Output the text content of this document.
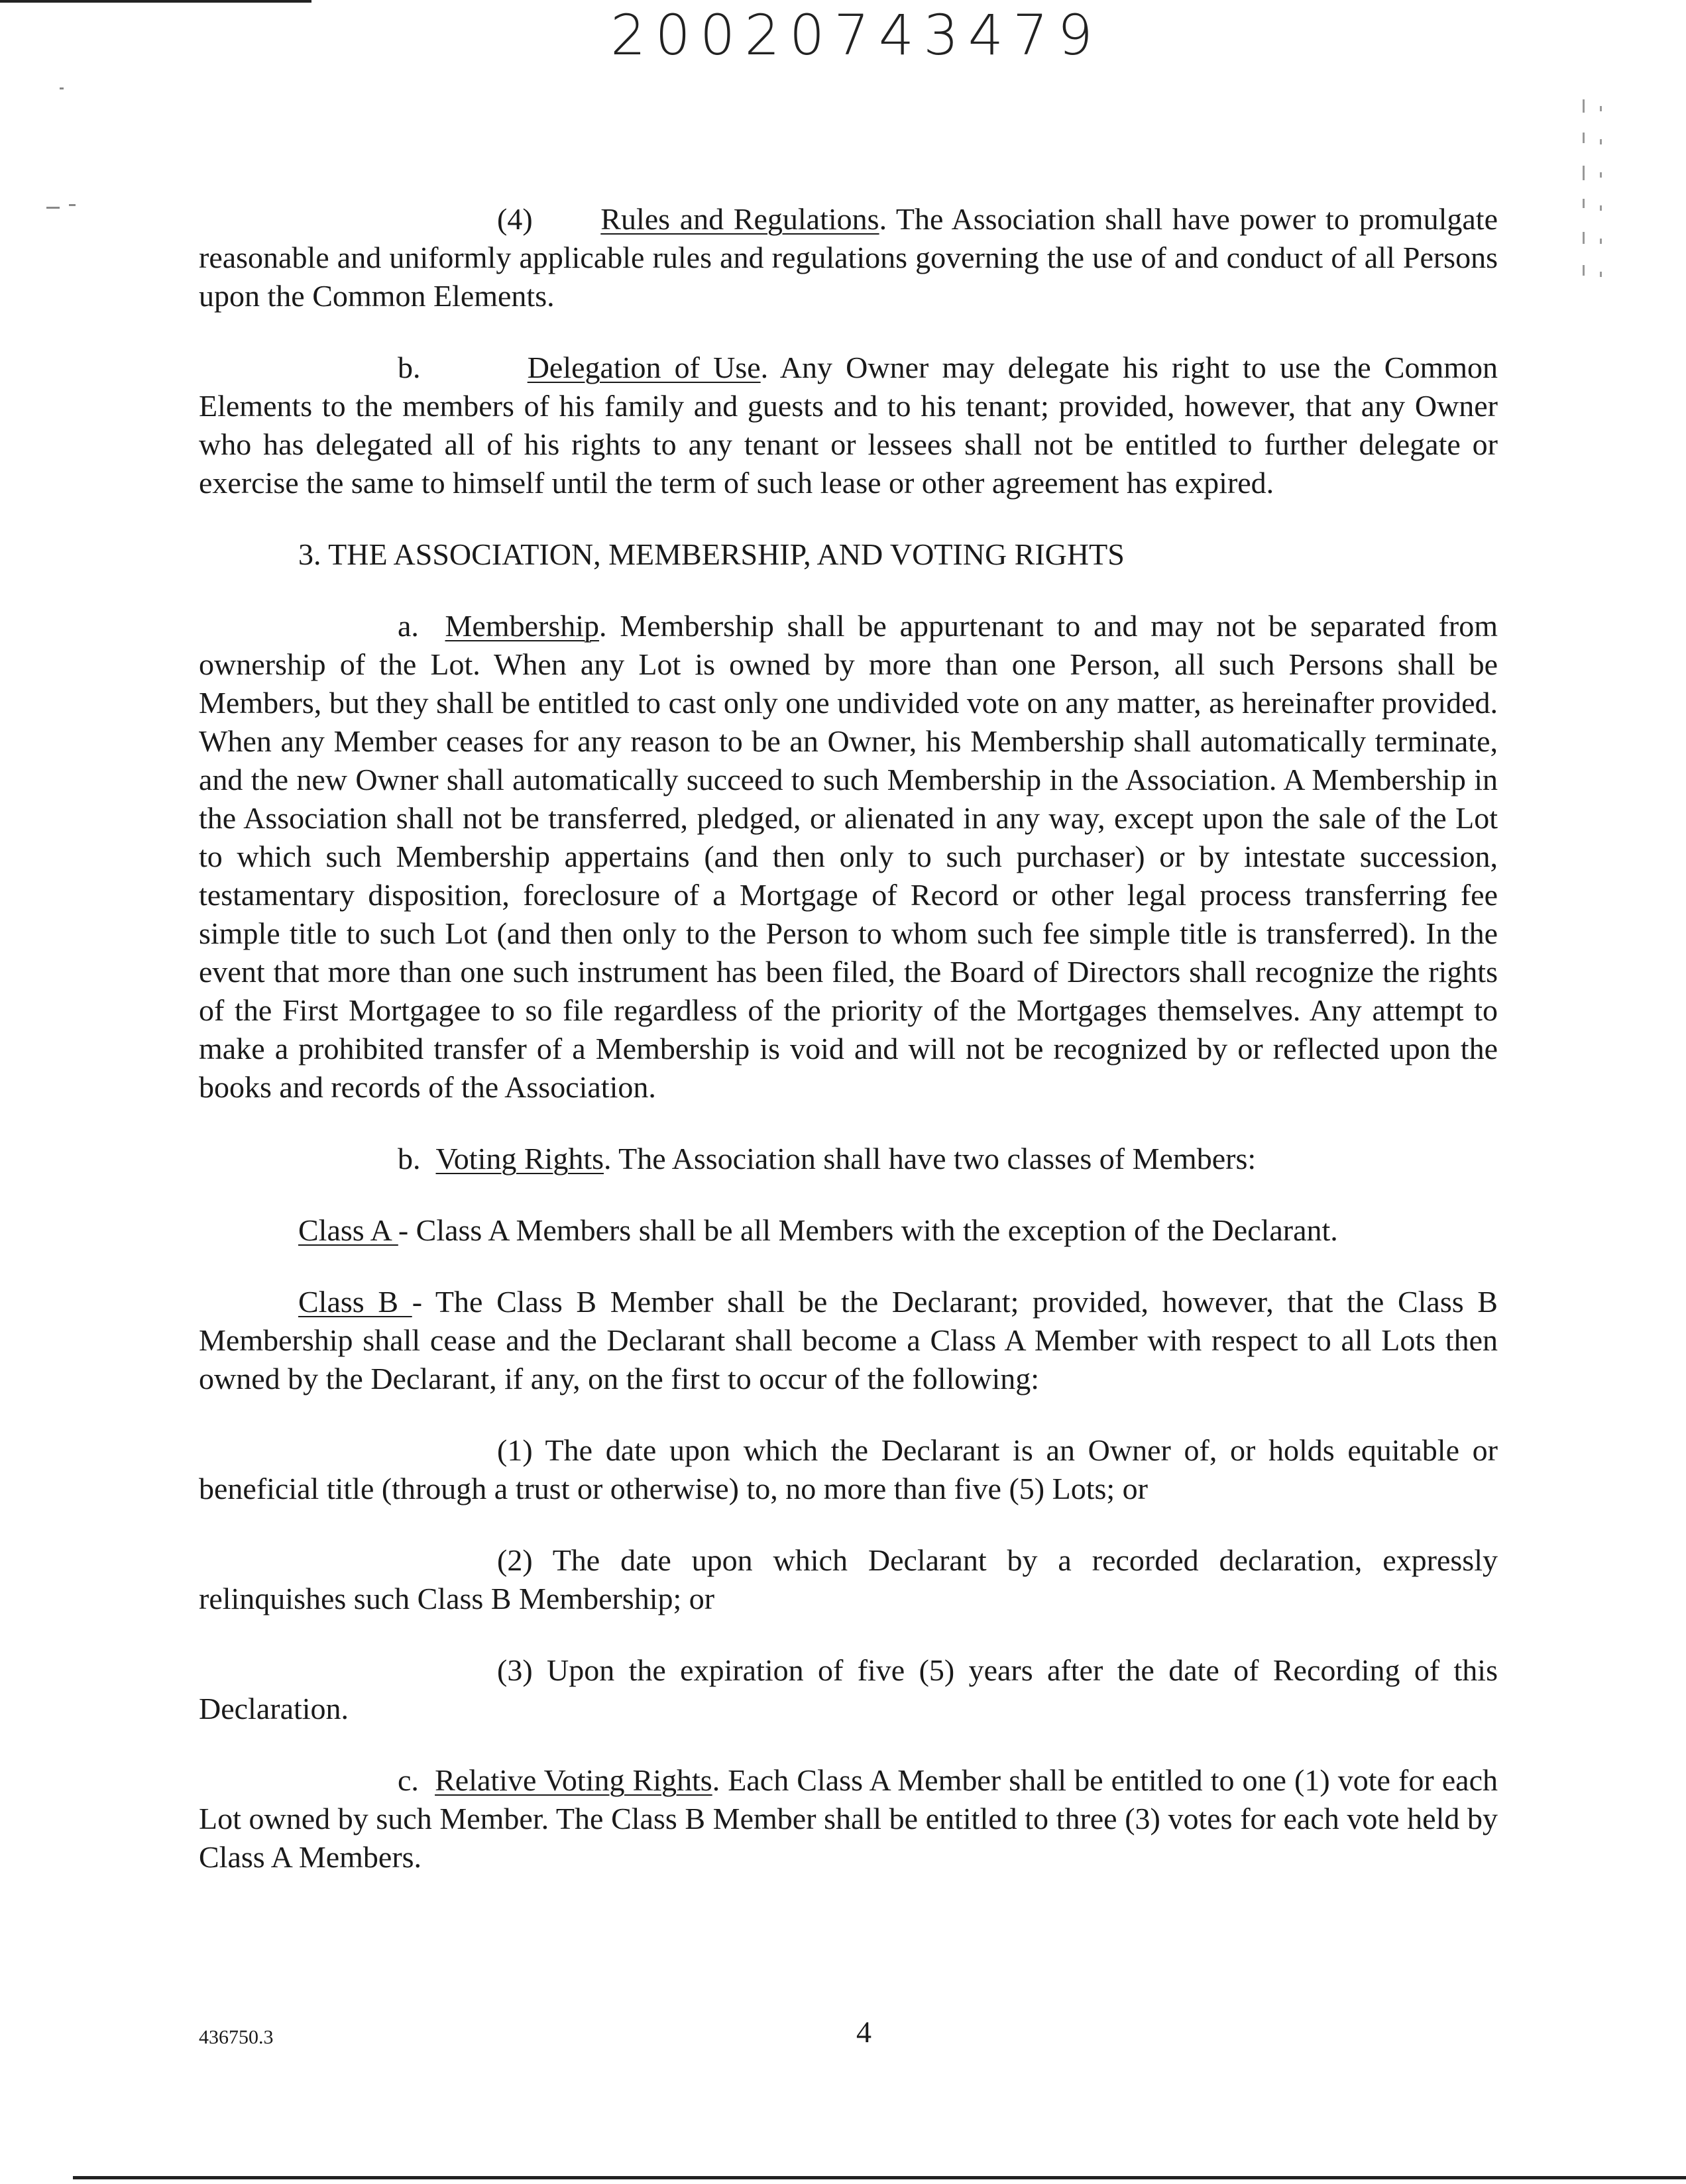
20020743479

(4) Rules and Regulations. The Association shall have power to promulgate reasonable and uniformly applicable rules and regulations governing the use of and conduct of all Persons upon the Common Elements.

b.	Delegation of Use. Any Owner may delegate his right to use the Common Elements to the members of his family and guests and to his tenant; provided, however, that any Owner who has delegated all of his rights to any tenant or lessees shall not be entitled to further delegate or exercise the same to himself until the term of such lease or other agreement has expired.

3. THE ASSOCIATION, MEMBERSHIP, AND VOTING RIGHTS

a. Membership. Membership shall be appurtenant to and may not be separated from ownership of the Lot. When any Lot is owned by more than one Person, all such Persons shall be Members, but they shall be entitled to cast only one undivided vote on any matter, as hereinafter provided. When any Member ceases for any reason to be an Owner, his Membership shall automatically terminate, and the new Owner shall automatically succeed to such Membership in the Association. A Membership in the Association shall not be transferred, pledged, or alienated in any way, except upon the sale of the Lot to which such Membership appertains (and then only to such purchaser) or by intestate succession, testamentary disposition, foreclosure of a Mortgage of Record or other legal process transferring fee simple title to such Lot (and then only to the Person to whom such fee simple title is transferred). In the event that more than one such instrument has been filed, the Board of Directors shall recognize the rights of the First Mortgagee to so file regardless of the priority of the Mortgages themselves. Any attempt to make a prohibited transfer of a Membership is void and will not be recognized by or reflected upon the books and records of the Association.

b. Voting Rights. The Association shall have two classes of Members:

Class A - Class A Members shall be all Members with the exception of the Declarant.

Class B - The Class B Member shall be the Declarant; provided, however, that the Class B Membership shall cease and the Declarant shall become a Class A Member with respect to all Lots then owned by the Declarant, if any, on the first to occur of the following:

(1) The date upon which the Declarant is an Owner of, or holds equitable or beneficial title (through a trust or otherwise) to, no more than five (5) Lots; or

(2) The date upon which Declarant by a recorded declaration, expressly relinquishes such Class B Membership; or

(3) Upon the expiration of five (5) years after the date of Recording of this Declaration.

c. Relative Voting Rights. Each Class A Member shall be entitled to one (1) vote for each Lot owned by such Member. The Class B Member shall be entitled to three (3) votes for each vote held by Class A Members.

436750.3	4
